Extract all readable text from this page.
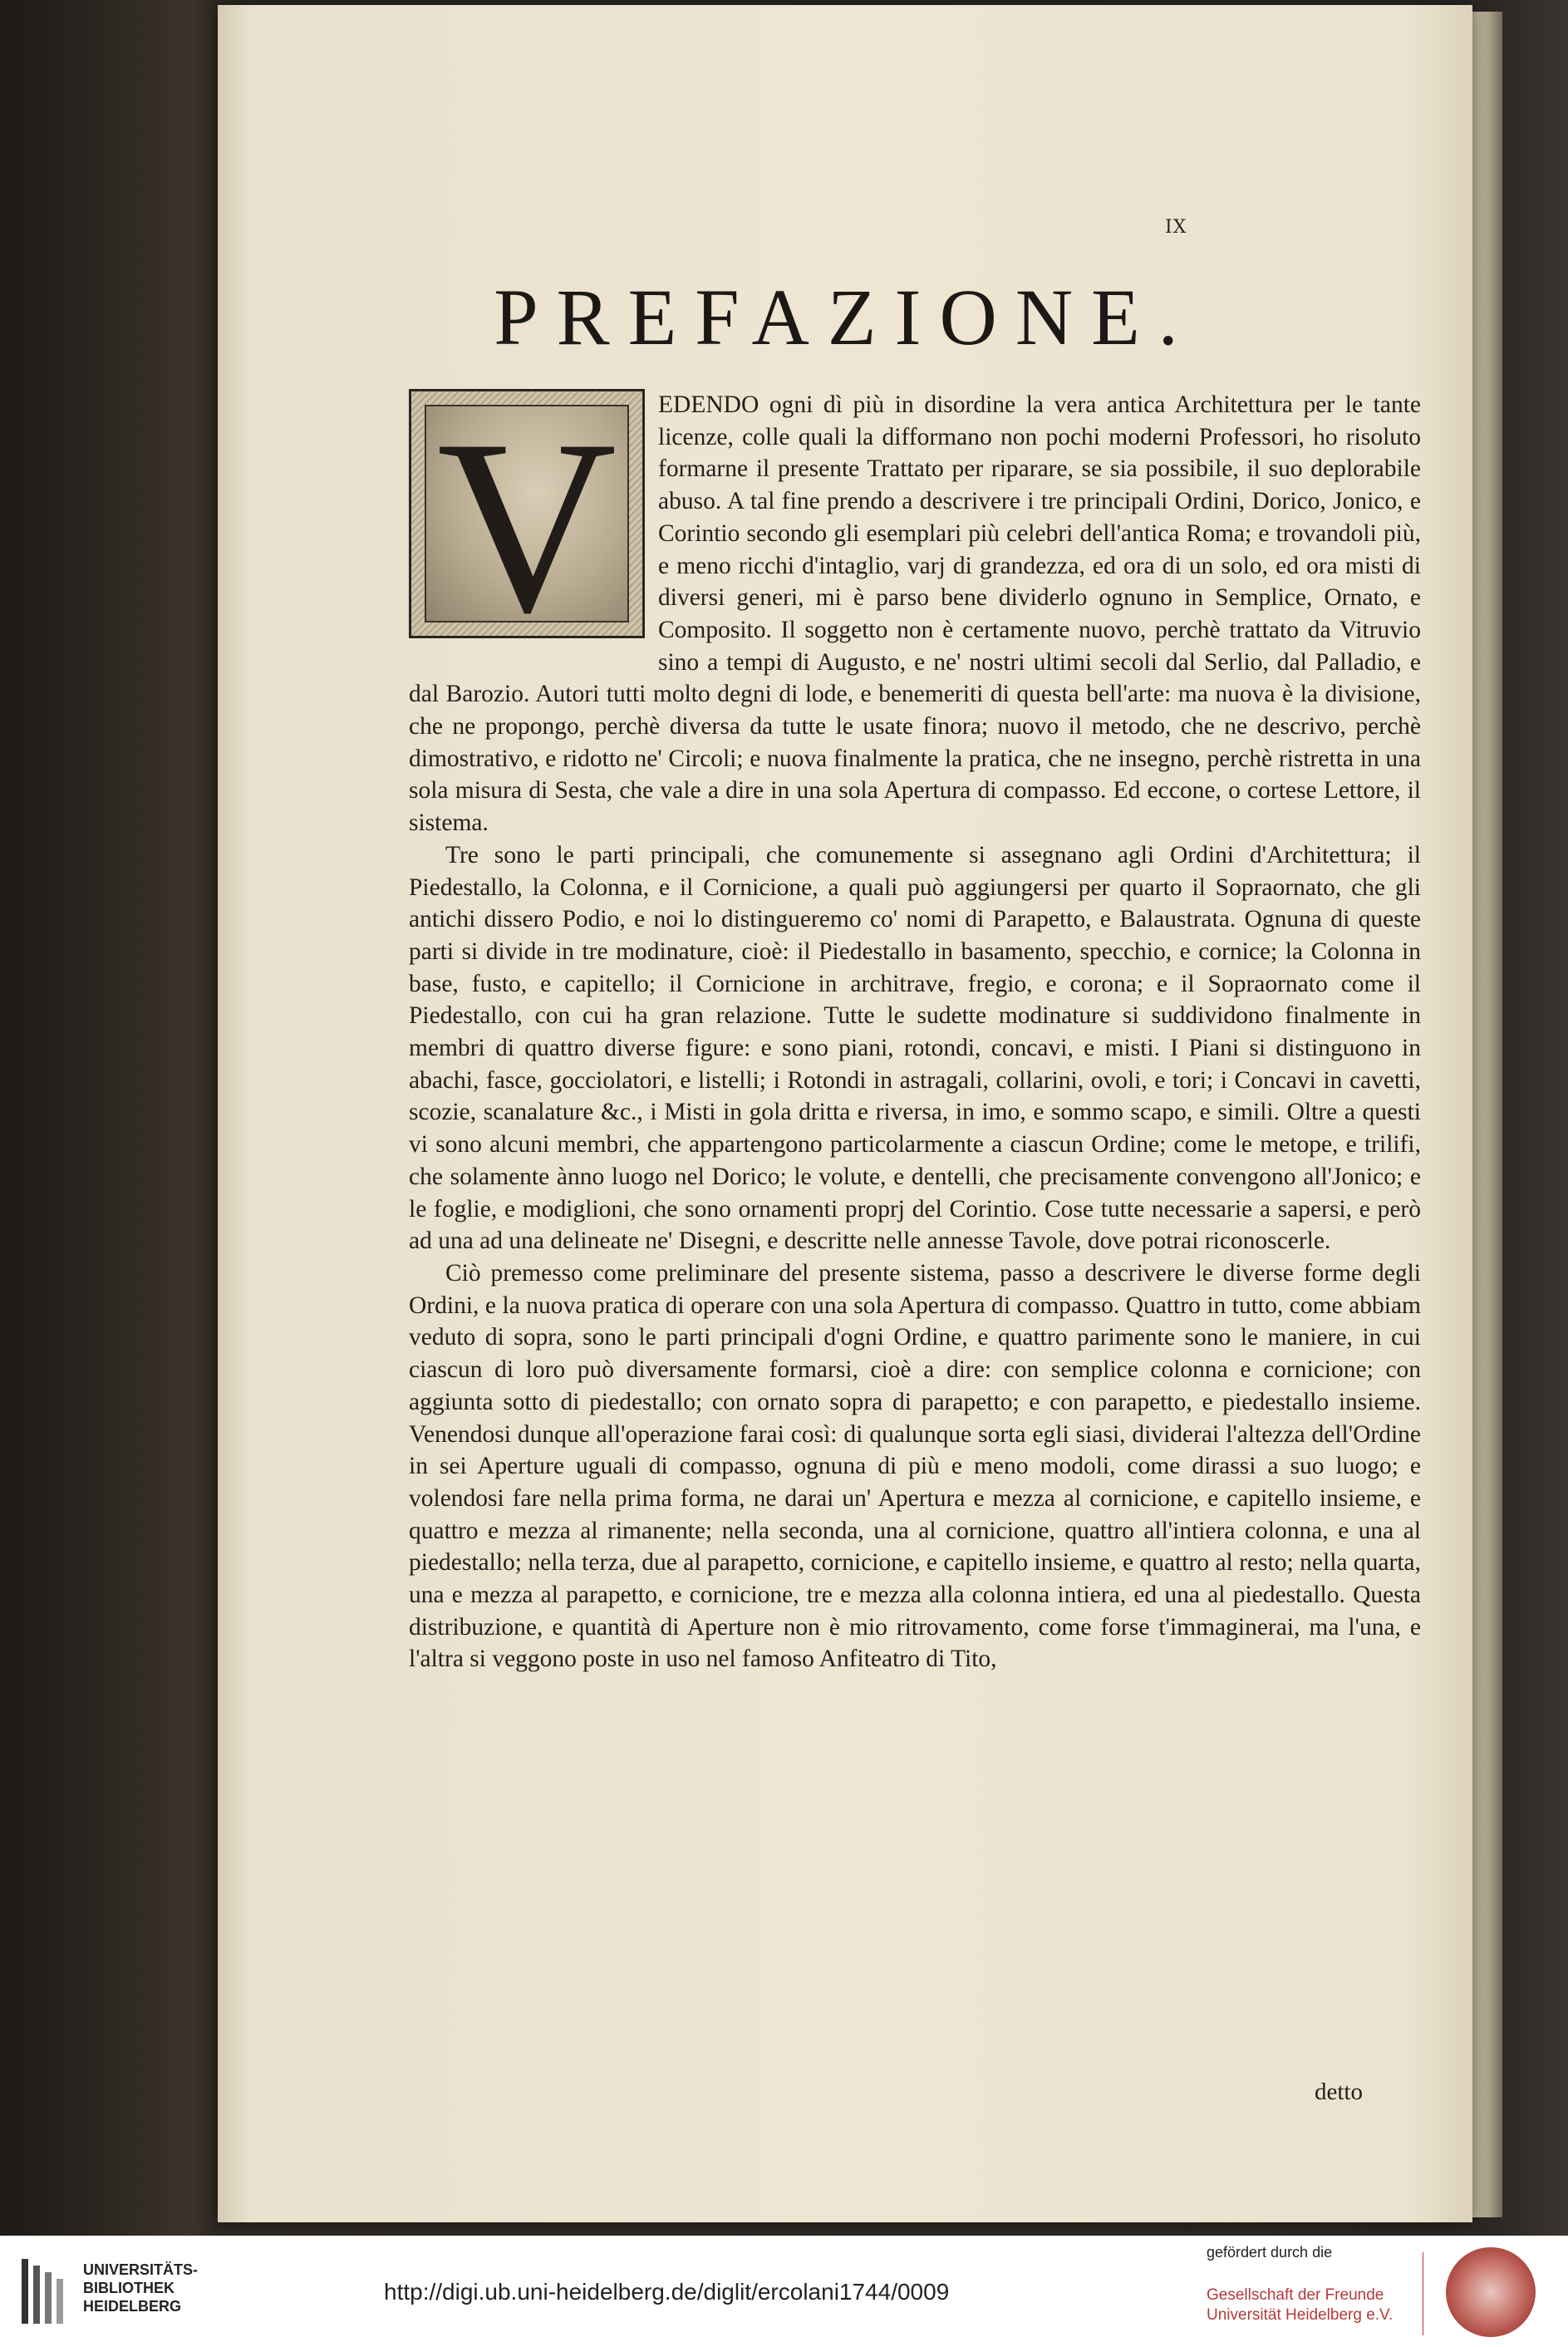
IX
PREFAZIONE.
V	EDENDO ogni dì più in disordine la vera antica Architettura per le tante licenze, colle quali la difformano non pochi moderni Professori, ho risoluto formarne il presente Trattato per riparare, se sia possibile, il suo deplorabile abuso. A tal fine prendo a descrivere i tre principali Ordini, Dorico, Jonico, e Corintio secondo gli esemplari più celebri dell'antica Roma; e trovandoli più, e meno ricchi d'intaglio, varj di grandezza, ed ora di un solo, ed ora misti di diversi generi, mi è parso bene dividerlo ognuno in Semplice, Ornato, e Composito. Il soggetto non è certamente nuovo, perchè trattato da Vitruvio sino a tempi di Augusto, e ne' nostri ultimi secoli dal Serlio, dal Palladio, e dal Barozio. Autori tutti molto degni di lode, e benemeriti di questa bell'arte: ma nuova è la divisione, che ne propongo, perchè diversa da tutte le usate finora; nuovo il metodo, che ne descrivo, perchè dimostrativo, e ridotto ne' Circoli; e nuova finalmente la pratica, che ne insegno, perchè ristretta in una sola misura di Sesta, che vale a dire in una sola Apertura di compasso. Ed eccone, o cortese Lettore, il sistema.

Tre sono le parti principali, che comunemente si assegnano agli Ordini d'Architettura; il Piedestallo, la Colonna, e il Cornicione, a quali può aggiungersi per quarto il Sopraornato, che gli antichi dissero Podio, e noi lo distingueremo co' nomi di Parapetto, e Balaustrata. Ognuna di queste parti si divide in tre modinature, cioè: il Piedestallo in basamento, specchio, e cornice; la Colonna in base, fusto, e capitello; il Cornicione in architrave, fregio, e corona; e il Sopraornato come il Piedestallo, con cui ha gran relazione. Tutte le sudette modinature si suddividono finalmente in membri di quattro diverse figure: e sono piani, rotondi, concavi, e misti. I Piani si distinguono in abachi, fasce, gocciolatori, e listelli; i Rotondi in astragali, collarini, ovoli, e tori; i Concavi in cavetti, scozie, scanalature &c., i Misti in gola dritta e riversa, in imo, e sommo scapo, e simili. Oltre a questi vi sono alcuni membri, che appartengono particolarmente a ciascun Ordine; come le metope, e trilifi, che solamente ànno luogo nel Dorico; le volute, e dentelli, che precisamente convengono all'Jonico; e le foglie, e modiglioni, che sono ornamenti proprj del Corintio. Cose tutte necessarie a sapersi, e però ad una ad una delineate ne' Disegni, e descritte nelle annesse Tavole, dove potrai riconoscerle.

Ciò premesso come preliminare del presente sistema, passo a descrivere le diverse forme degli Ordini, e la nuova pratica di operare con una sola Apertura di compasso. Quattro in tutto, come abbiam veduto di sopra, sono le parti principali d'ogni Ordine, e quattro parimente sono le maniere, in cui ciascun di loro può diversamente formarsi, cioè a dire: con semplice colonna e cornicione; con aggiunta sotto di piedestallo; con ornato sopra di parapetto; e con parapetto, e piedestallo insieme. Venendosi dunque all'operazione farai così: di qualunque sorta egli siasi, dividerai l'altezza dell'Ordine in sei Aperture uguali di compasso, ognuna di più e meno modoli, come dirassi a suo luogo; e volendosi fare nella prima forma, ne darai un' Apertura e mezza al cornicione, e capitello insieme, e quattro e mezza al rimanente; nella seconda, una al cornicione, quattro all'intiera colonna, e una al piedestallo; nella terza, due al parapetto, cornicione, e capitello insieme, e quattro al resto; nella quarta, una e mezza al parapetto, e cornicione, tre e mezza alla colonna intiera, ed una al piedestallo. Questa distribuzione, e quantità di Aperture non è mio ritrovamento, come forse t'immaginerai, ma l'una, e l'altra si veggono poste in uso nel famoso Anfiteatro di Tito,

detto
UNIVERSITÄTS-
BIBLIOTHEK
HEIDELBERG
http://digi.ub.uni-heidelberg.de/diglit/ercolani1744/0009
gefördert durch die
Gesellschaft der Freunde
Universität Heidelberg e.V.
